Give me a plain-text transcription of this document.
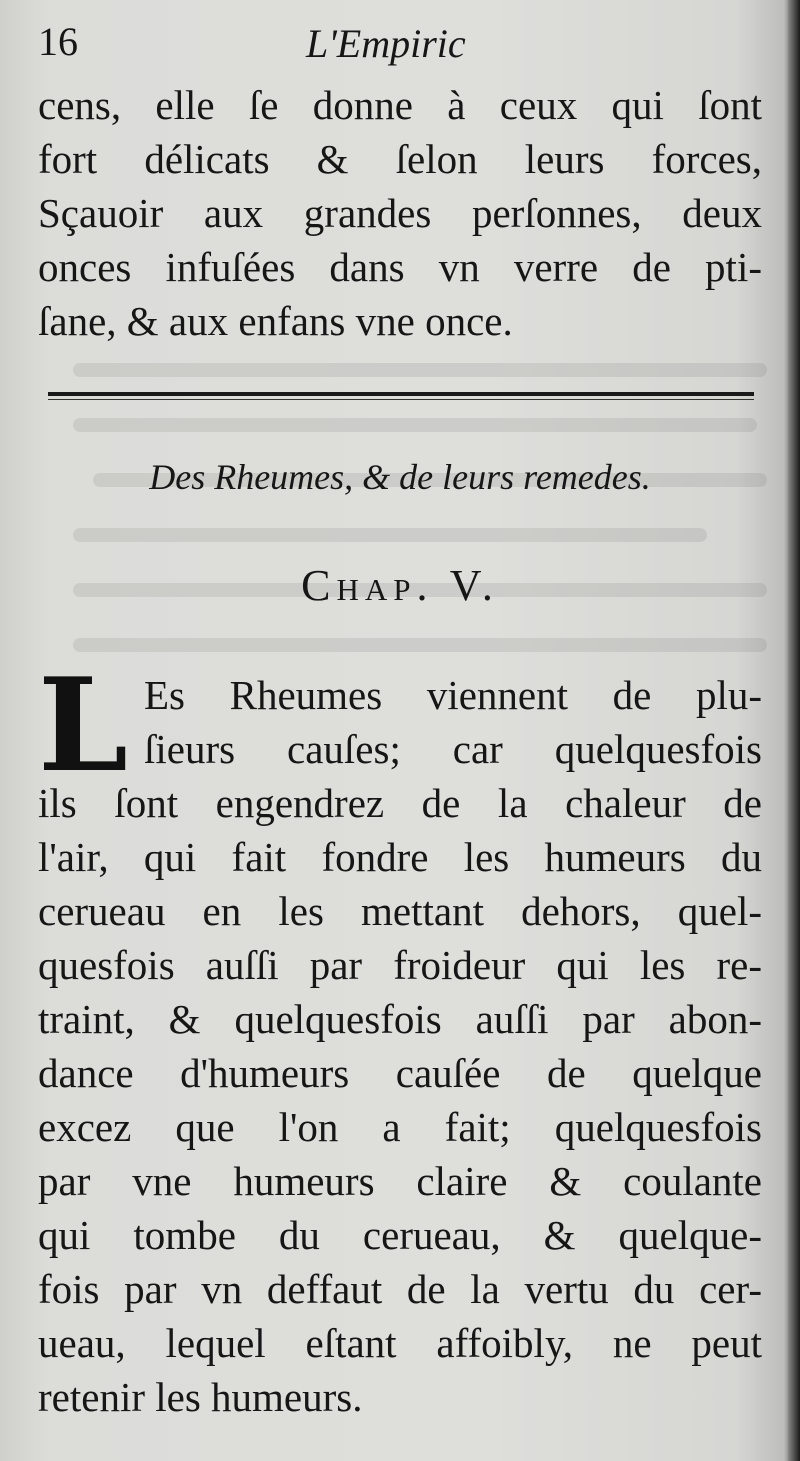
16	L'Empiric
cens, elle ſe donne à ceux qui ſont
fort délicats & ſelon leurs forces,
Sçauoir aux grandes perſonnes, deux
onces infuſées dans vn verre de pti-
ſane, & aux enfans vne once.
Des Rheumes, & de leurs remedes.
Chap. V.
L Es Rheumes viennent de plu-
ſieurs cauſes; car quelquesfois
ils ſont engendrez de la chaleur de
l'air, qui fait fondre les humeurs du
cerueau en les mettant dehors, quel-
quesfois auſſi par froideur qui les re-
traint, & quelquesfois auſſi par abon-
dance d'humeurs cauſée de quelque
excez que l'on a fait; quelquesfois
par vne humeurs claire & coulante
qui tombe du cerueau, & quelque-
fois par vn deffaut de la vertu du cer-
ueau, lequel eſtant affoibly, ne peut
retenir les humeurs.
